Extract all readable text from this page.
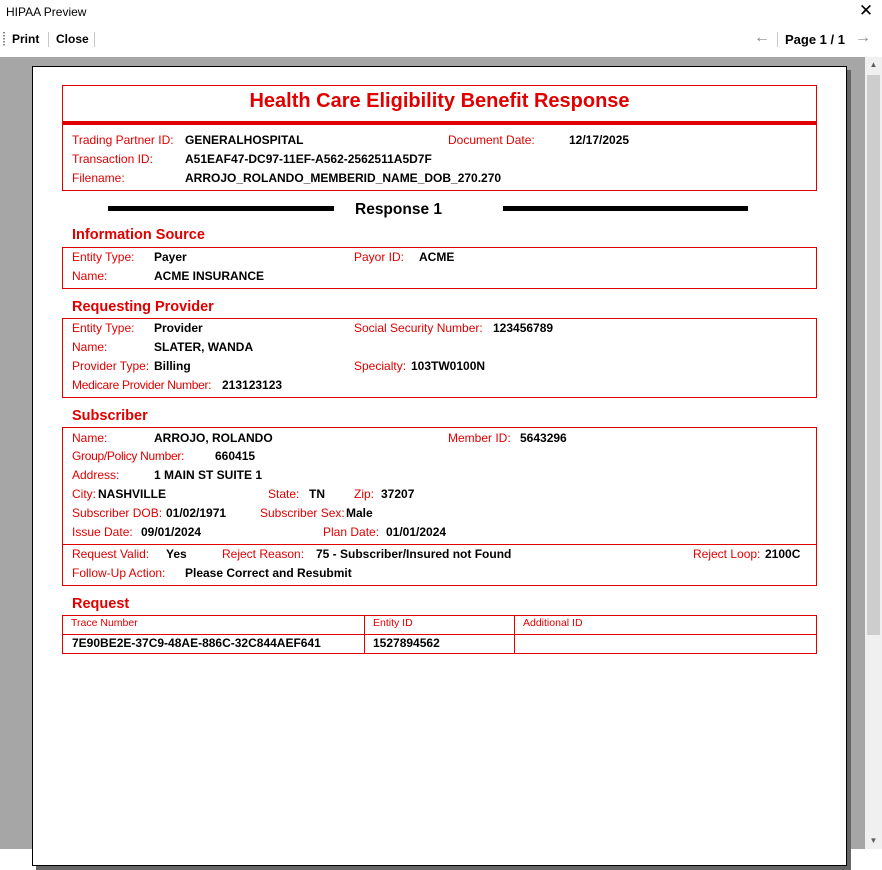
HIPAA Preview	✕
Print Close	← Page 1 / 1 →
▲
▼
Health Care Eligibility Benefit Response
Trading Partner ID: GENERALHOSPITAL	Document Date:	12/17/2025
Transaction ID:	A51EAF47-DC97-11EF-A562-2562511A5D7F
Filename:	ARROJO_ROLANDO_MEMBERID_NAME_DOB_270.270
Response 1
Information Source
Entity Type: Payer	Payor ID: ACME
Name:	ACME INSURANCE
Requesting Provider
Entity Type: Provider	Social Security Number: 123456789
Name:	SLATER, WANDA
Provider Type: Billing	Specialty: 103TW0100N
Medicare Provider Number: 213123123
Subscriber
Name:	ARROJO, ROLANDO	Member ID: 5643296
Group/Policy Number:	660415
Address:	1 MAIN ST SUITE 1
City: NASHVILLE	State: TN Zip: 37207
Subscriber DOB: 01/02/1971	Subscriber Sex: Male
Issue Date: 09/01/2024	Plan Date: 01/01/2024
Request Valid: Yes	Reject Reason: 75 - Subscriber/Insured not Found	Reject Loop: 2100C
Follow-Up Action: Please Correct and Resubmit
Request
Trace Number	Entity ID	Additional ID
7E90BE2E-37C9-48AE-886C-32C844AEF641	1527894562
